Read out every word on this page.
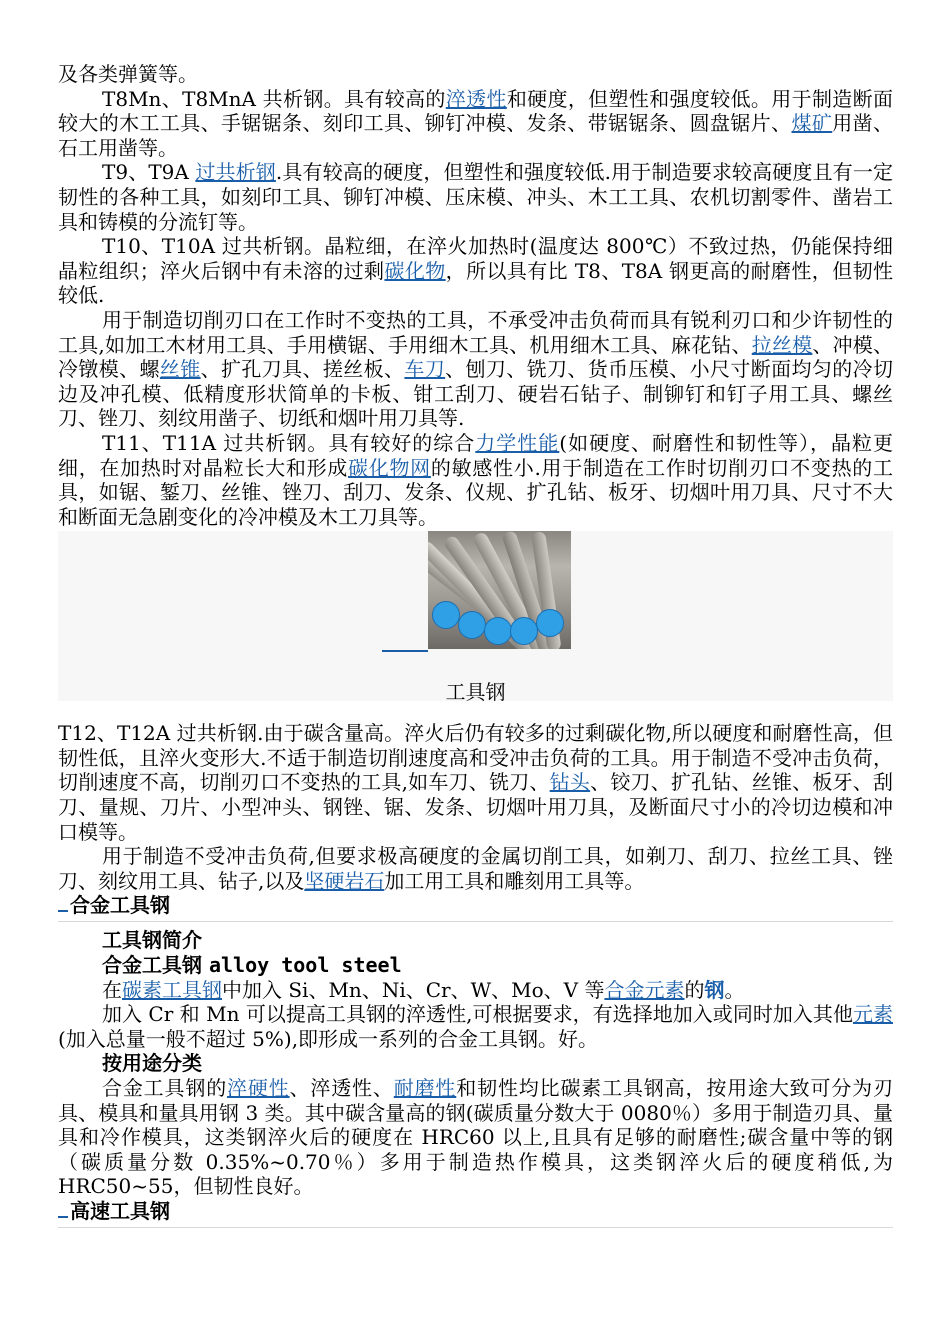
及各类弹簧等。

T8Mn、T8MnA 共析钢。具有较高的淬透性和硬度，但塑性和强度较低。用于制造断面较大的木工工具、手锯锯条、刻印工具、铆钉冲模、发条、带锯锯条、圆盘锯片、煤矿用凿、石工用凿等。

T9、T9A 过共析钢.具有较高的硬度，但塑性和强度较低.用于制造要求较高硬度且有一定韧性的各种工具，如刻印工具、铆钉冲模、压床模、冲头、木工工具、农机切割零件、凿岩工具和铸模的分流钉等。

T10、T10A 过共析钢。晶粒细，在淬火加热时(温度达 800℃）不致过热，仍能保持细晶粒组织；淬火后钢中有未溶的过剩碳化物，所以具有比 T8、T8A 钢更高的耐磨性，但韧性较低.

用于制造切削刃口在工作时不变热的工具，不承受冲击负荷而具有锐利刃口和少许韧性的工具,如加工木材用工具、手用横锯、手用细木工具、机用细木工具、麻花钻、拉丝模、冲模、冷镦模、螺丝锥、扩孔刀具、搓丝板、车刀、刨刀、铣刀、货币压模、小尺寸断面均匀的冷切边及冲孔模、低精度形状简单的卡板、钳工刮刀、硬岩石钻子、制铆钉和钉子用工具、螺丝刀、锉刀、刻纹用凿子、切纸和烟叶用刀具等.

T11、T11A 过共析钢。具有较好的综合力学性能(如硬度、耐磨性和韧性等），晶粒更细，在加热时对晶粒长大和形成碳化物网的敏感性小.用于制造在工作时切削刃口不变热的工具，如锯、錾刀、丝锥、锉刀、刮刀、发条、仪规、扩孔钻、板牙、切烟叶用刀具、尺寸不大和断面无急剧变化的冷冲模及木工刀具等。

工具钢

T12、T12A 过共析钢.由于碳含量高。淬火后仍有较多的过剩碳化物,所以硬度和耐磨性高，但韧性低，且淬火变形大.不适于制造切削速度高和受冲击负荷的工具。用于制造不受冲击负荷，切削速度不高，切削刃口不变热的工具,如车刀、铣刀、钻头、铰刀、扩孔钻、丝锥、板牙、刮刀、量规、刀片、小型冲头、钢锉、锯、发条、切烟叶用刀具，及断面尺寸小的冷切边模和冲口模等。

用于制造不受冲击负荷,但要求极高硬度的金属切削工具，如剃刀、刮刀、拉丝工具、锉刀、刻纹用工具、钻子,以及坚硬岩石加工用工具和雕刻用工具等。

合金工具钢
工具钢简介
合金工具钢 alloy tool steel

在碳素工具钢中加入 Si、Mn、Ni、Cr、W、Mo、V 等合金元素的钢。

加入 Cr 和 Mn 可以提高工具钢的淬透性,可根据要求，有选择地加入或同时加入其他元素(加入总量一般不超过 5%),即形成一系列的合金工具钢。好。

按用途分类

合金工具钢的淬硬性、淬透性、耐磨性和韧性均比碳素工具钢高，按用途大致可分为刃具、模具和量具用钢 3 类。其中碳含量高的钢(碳质量分数大于 0080％）多用于制造刃具、量具和冷作模具，这类钢淬火后的硬度在 HRC60 以上,且具有足够的耐磨性;碳含量中等的钢（碳质量分数 0.35%~0.70％）多用于制造热作模具，这类钢淬火后的硬度稍低,为 HRC50~55，但韧性良好。

高速工具钢
